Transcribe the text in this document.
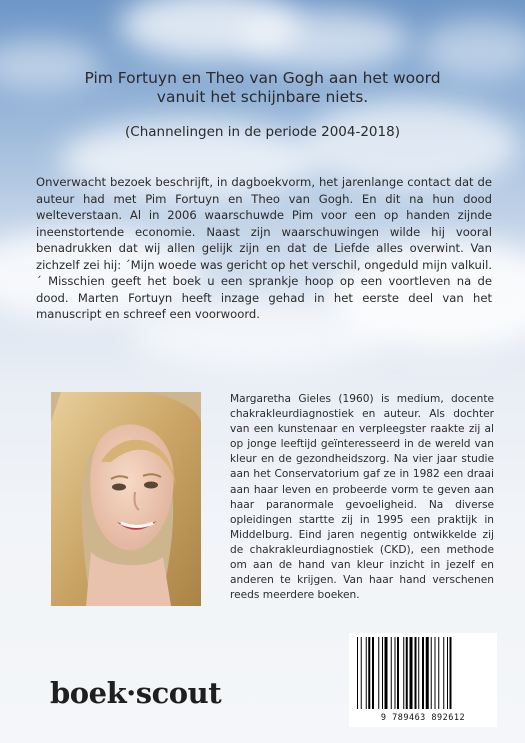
Pim Fortuyn en Theo van Gogh aan het woord
vanuit het schijnbare niets.
(Channelingen in de periode 2004-2018)
Onverwacht bezoek beschrijft, in dagboekvorm, het jarenlange contact dat de auteur had met Pim Fortuyn en Theo van Gogh. En dit na hun dood welteverstaan. Al in 2006 waarschuwde Pim voor een op handen zijnde ineenstortende economie. Naast zijn waarschuwingen wilde hij vooral benadrukken dat wij allen gelijk zijn en dat de Liefde alles overwint. Van zichzelf zei hij: ´Mijn woede was gericht op het verschil, ongeduld mijn valkuil.´ Misschien geeft het boek u een sprankje hoop op een voortleven na de dood. Marten Fortuyn heeft inzage gehad in het eerste deel van het manuscript en schreef een voorwoord.
Margaretha Gieles (1960) is medium, docente chakrakleurdiagnostiek en auteur. Als dochter van een kunstenaar en verpleegster raakte zij al op jonge leeftijd geïnteresseerd in de wereld van kleur en de gezondheidszorg. Na vier jaar studie aan het Conservatorium gaf ze in 1982 een draai aan haar leven en probeerde vorm te geven aan haar paranormale gevoeligheid. Na diverse opleidingen startte zij in 1995 een praktijk in Middelburg. Eind jaren negentig ontwikkelde zij de chakrakleurdiagnostiek (CKD), een methode om aan de hand van kleur inzicht in jezelf en anderen te krijgen. Van haar hand verschenen reeds meerdere boeken.
boek·scout
9 789463 892612
